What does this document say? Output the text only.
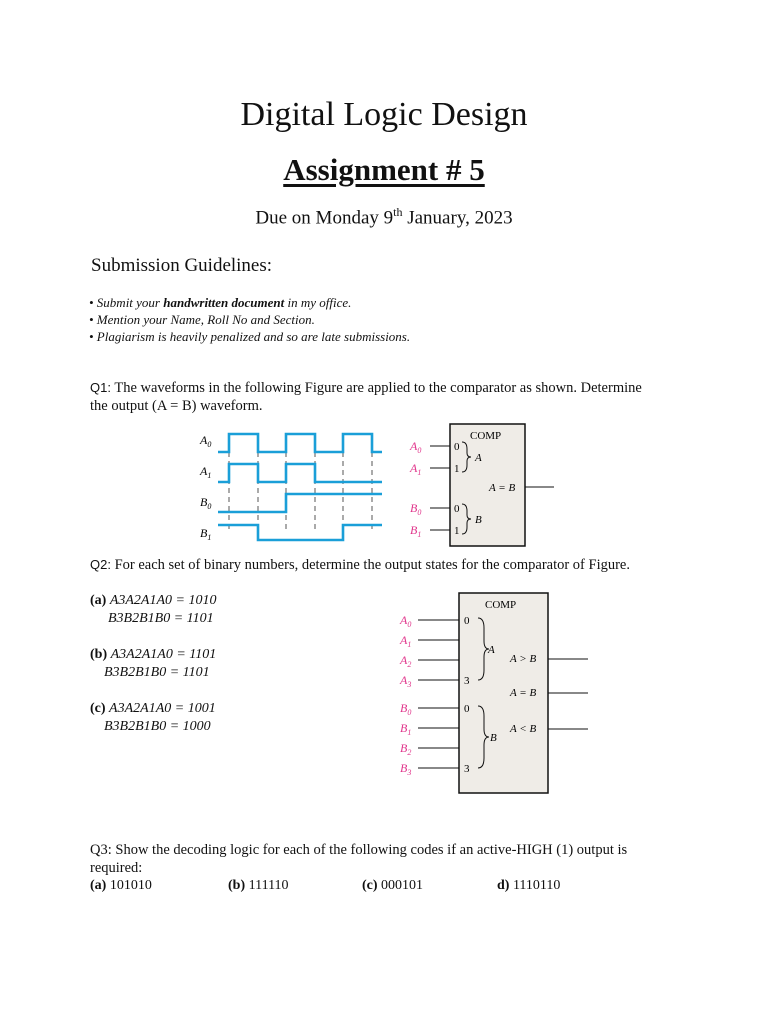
Digital Logic Design
Assignment # 5
Due on Monday 9th January, 2023
Submission Guidelines:
• Submit your handwritten document in my office.
• Mention your Name, Roll No and Section.
• Plagiarism is heavily penalized and so are late submissions.
Q1: The waveforms in the following Figure are applied to the comparator as shown. Determine
the output (A = B) waveform.
$A_0$
$A_1$
$B_0$
$B_1$
COMP
$A_0$
$A_1$
$B_0$
$B_1$
0
1
0
1
A
B
A = B
Q2: For each set of binary numbers, determine the output states for the comparator of Figure.
(a) A3A2A1A0 = 1010
B3B2B1B0 = 1101
(b) A3A2A1A0 = 1101
B3B2B1B0 = 1101
(c) A3A2A1A0 = 1001
B3B2B1B0 = 1000
COMP
$A_0$
$A_1$
$A_2$
$A_3$
$B_0$
$B_1$
$B_2$
$B_3$
0
3
0
3
A
B
A > B
A = B
A < B
Q3: Show the decoding logic for each of the following codes if an active-HIGH (1) output is
required:
(a) 101010	(b) 111110	(c) 000101	d) 1110110
